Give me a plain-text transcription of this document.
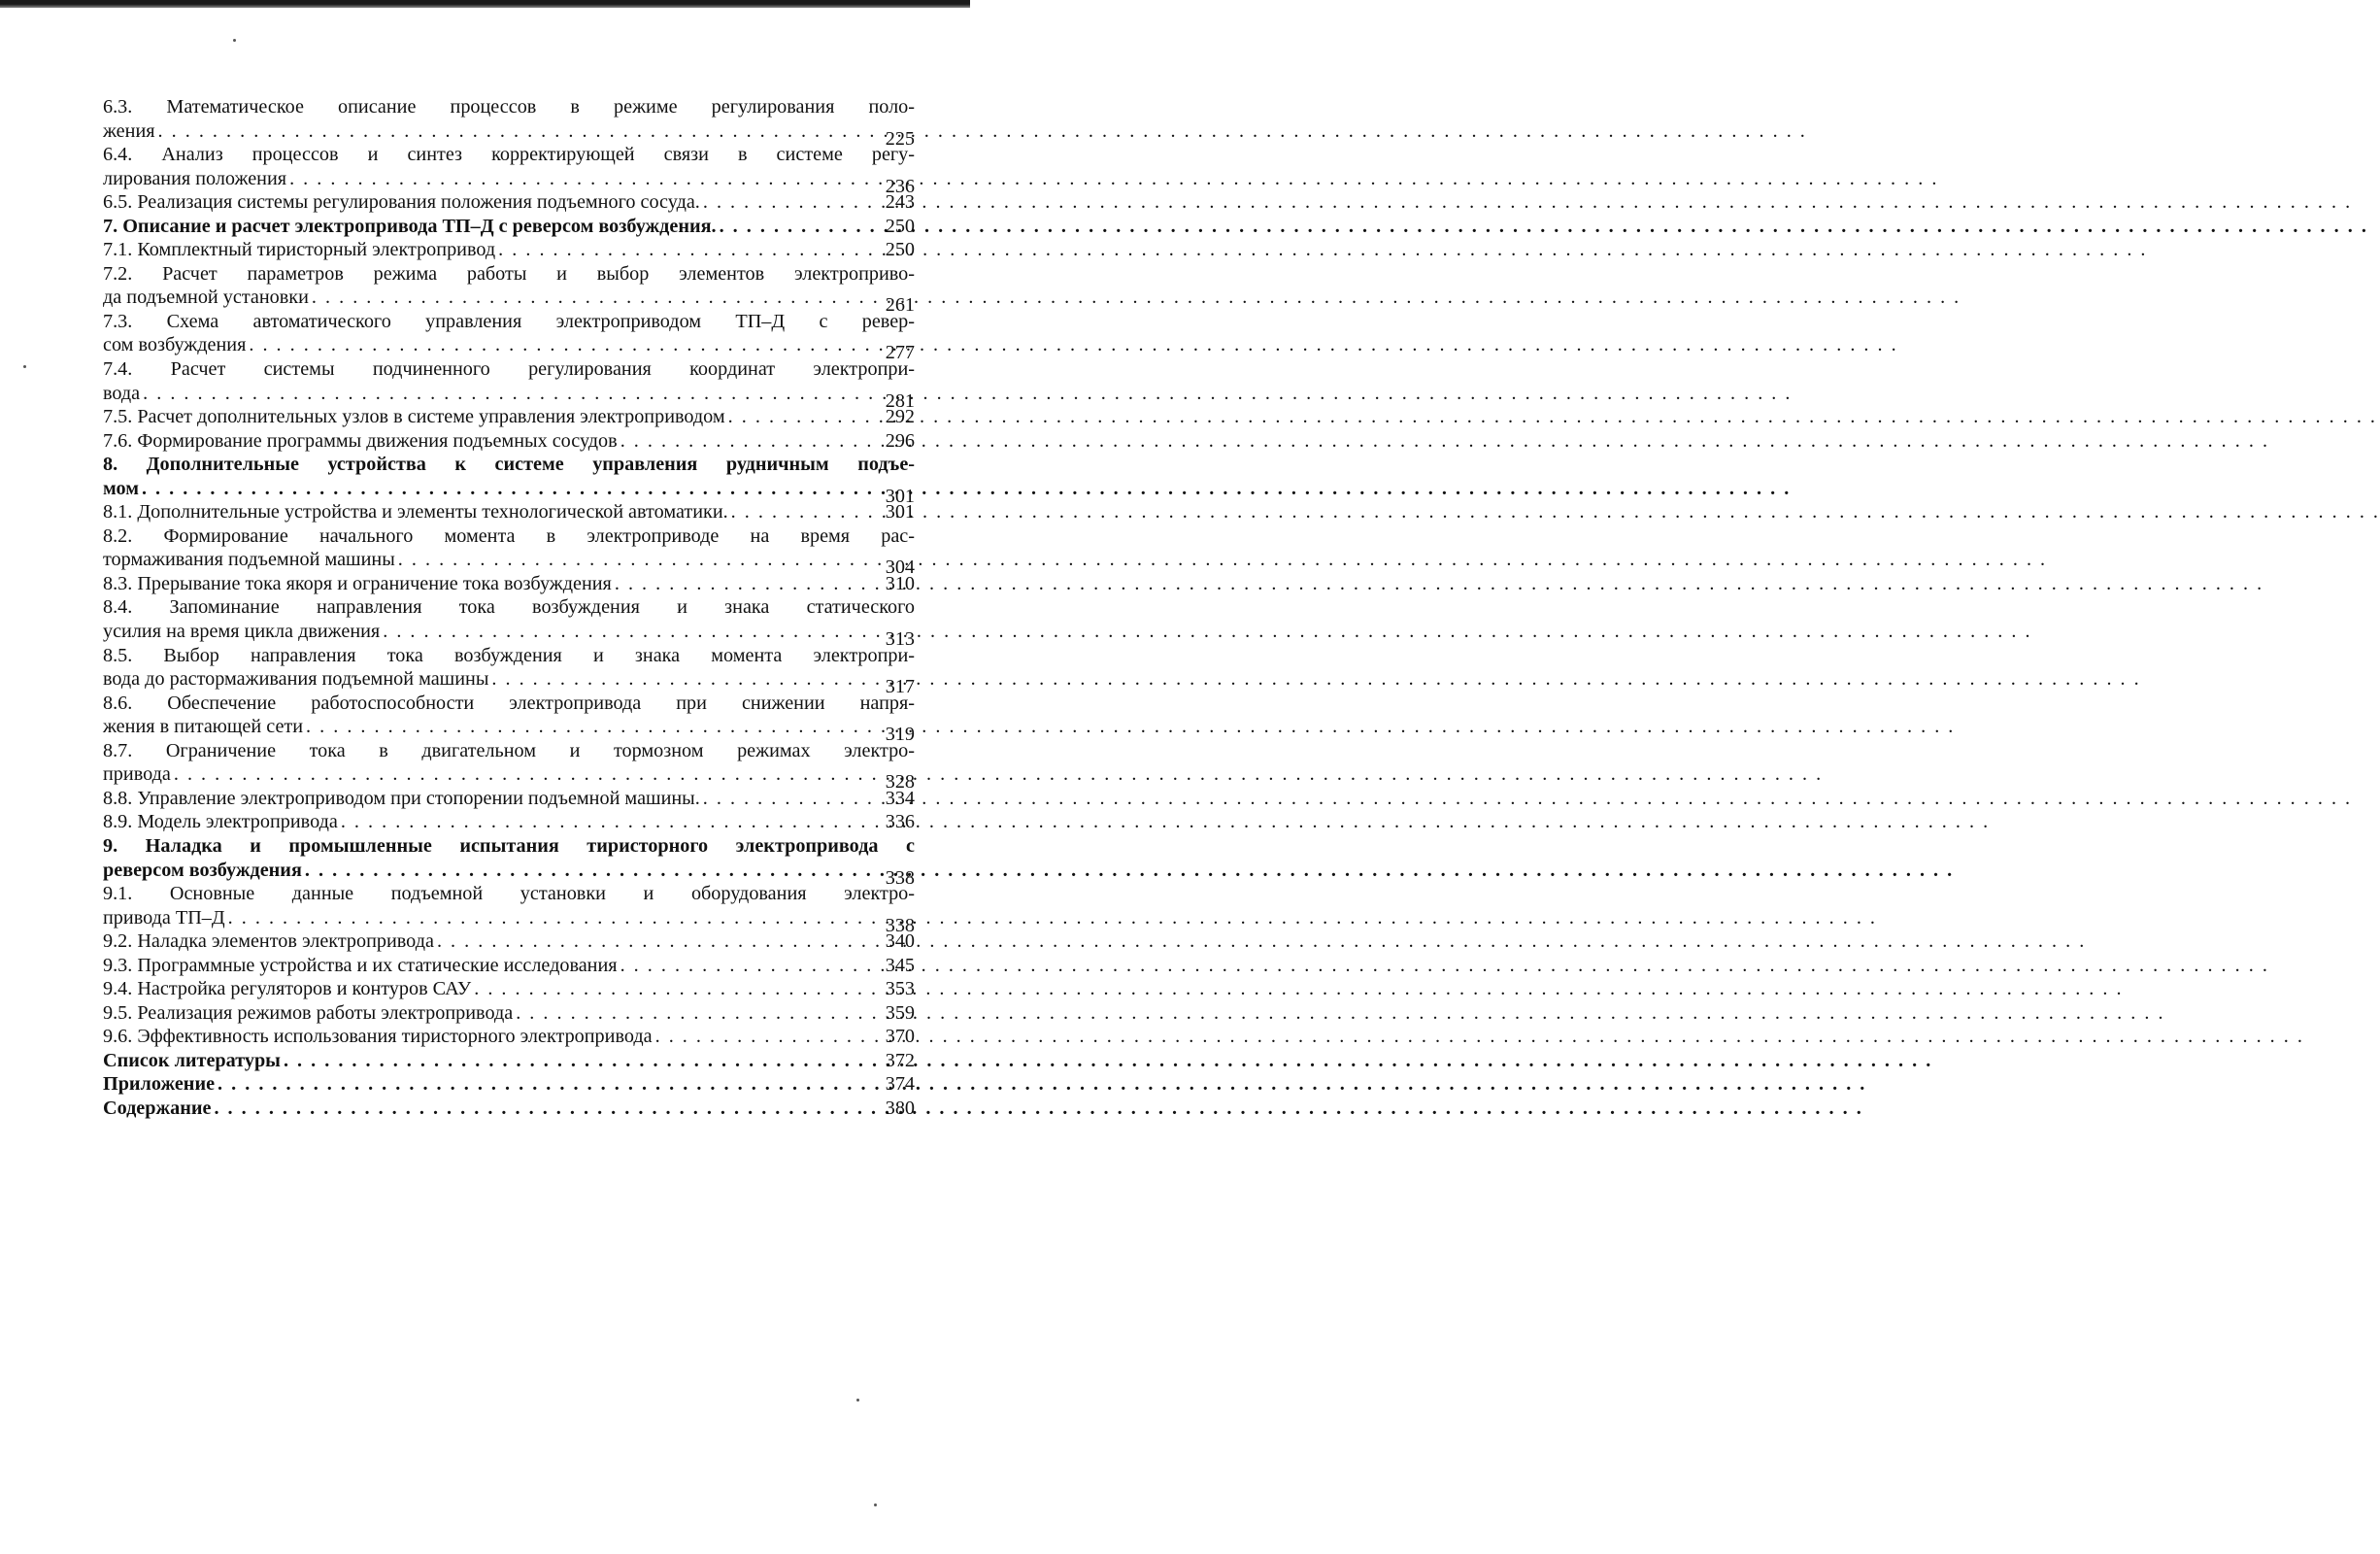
6.3. Математическое описание процессов в режиме регулирования поло-
жения . . .	225
6.4. Анализ процессов и синтез корректирующей связи в системе регу-
лирования положения . . .	236
6.5. Реализация системы регулирования положения подъемного сосуда. . . .	243
7. Описание и расчет электропривода ТП–Д с реверсом возбуждения. . . .	250
7.1. Комплектный тиристорный электропривод . . .	250
7.2. Расчет параметров режима работы и выбор элементов электроприво-
да подъемной установки . . .	261
7.3. Схема автоматического управления электроприводом ТП–Д с ревер-
сом возбуждения . . .	277
7.4. Расчет системы подчиненного регулирования координат электропри-
вода . . .	281
7.5. Расчет дополнительных узлов в системе управления электроприводом . . .	292
7.6. Формирование программы движения подъемных сосудов . . .	296
8. Дополнительные устройства к системе управления рудничным подъе-
мом . . .	301
8.1. Дополнительные устройства и элементы технологической автоматики. . . .	301
8.2. Формирование начального момента в электроприводе на время рас-
тормаживания подъемной машины . . .	304
8.3. Прерывание тока якоря и ограничение тока возбуждения . . .	310
8.4. Запоминание направления тока возбуждения и знака статического
усилия на время цикла движения . . .	313
8.5. Выбор направления тока возбуждения и знака момента электропри-
вода до растормаживания подъемной машины . . .	317
8.6. Обеспечение работоспособности электропривода при снижении напря-
жения в питающей сети . . .	319
8.7. Ограничение тока в двигательном и тормозном режимах электро-
привода . . .	328
8.8. Управление электроприводом при стопорении подъемной машины. . . .	334
8.9. Модель электропривода . . .	336
9. Наладка и промышленные испытания тиристорного электропривода с
реверсом возбуждения . . .	338
9.1. Основные данные подъемной установки и оборудования электро-
привода ТП–Д . . .	338
9.2. Наладка элементов электропривода . . .	340
9.3. Программные устройства и их статические исследования . . .	345
9.4. Настройка регуляторов и контуров САУ . . .	353
9.5. Реализация режимов работы электропривода . . .	359
9.6. Эффективность использования тиристорного электропривода . . .	370
Список литературы . . .	372
Приложение . . .	374
Содержание . . .	380
